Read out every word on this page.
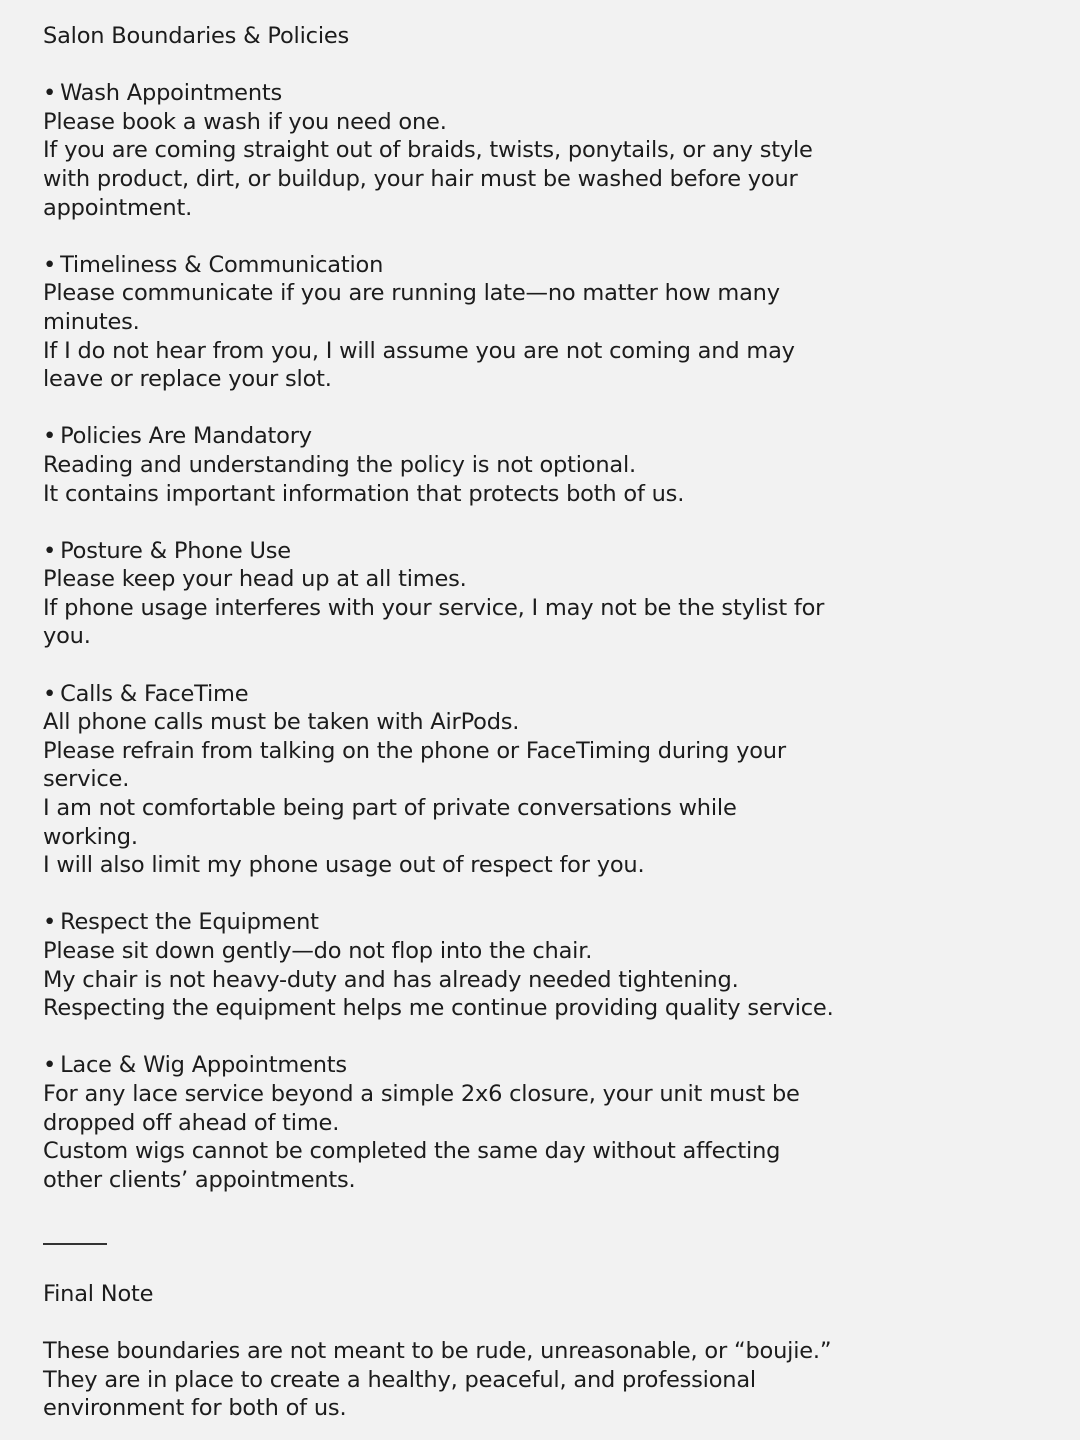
Salon Boundaries & Policies
• Wash Appointments
Please book a wash if you need one.
If you are coming straight out of braids, twists, ponytails, or any style
with product, dirt, or buildup, your hair must be washed before your
appointment.
• Timeliness & Communication
Please communicate if you are running late—no matter how many
minutes.
If I do not hear from you, I will assume you are not coming and may
leave or replace your slot.
• Policies Are Mandatory
Reading and understanding the policy is not optional.
It contains important information that protects both of us.
• Posture & Phone Use
Please keep your head up at all times.
If phone usage interferes with your service, I may not be the stylist for
you.
• Calls & FaceTime
All phone calls must be taken with AirPods.
Please refrain from talking on the phone or FaceTiming during your
service.
I am not comfortable being part of private conversations while
working.
I will also limit my phone usage out of respect for you.
• Respect the Equipment
Please sit down gently—do not flop into the chair.
My chair is not heavy-duty and has already needed tightening.
Respecting the equipment helps me continue providing quality service.
• Lace & Wig Appointments
For any lace service beyond a simple 2x6 closure, your unit must be
dropped off ahead of time.
Custom wigs cannot be completed the same day without affecting
other clients’ appointments.
Final Note
These boundaries are not meant to be rude, unreasonable, or “boujie.”
They are in place to create a healthy, peaceful, and professional
environment for both of us.
